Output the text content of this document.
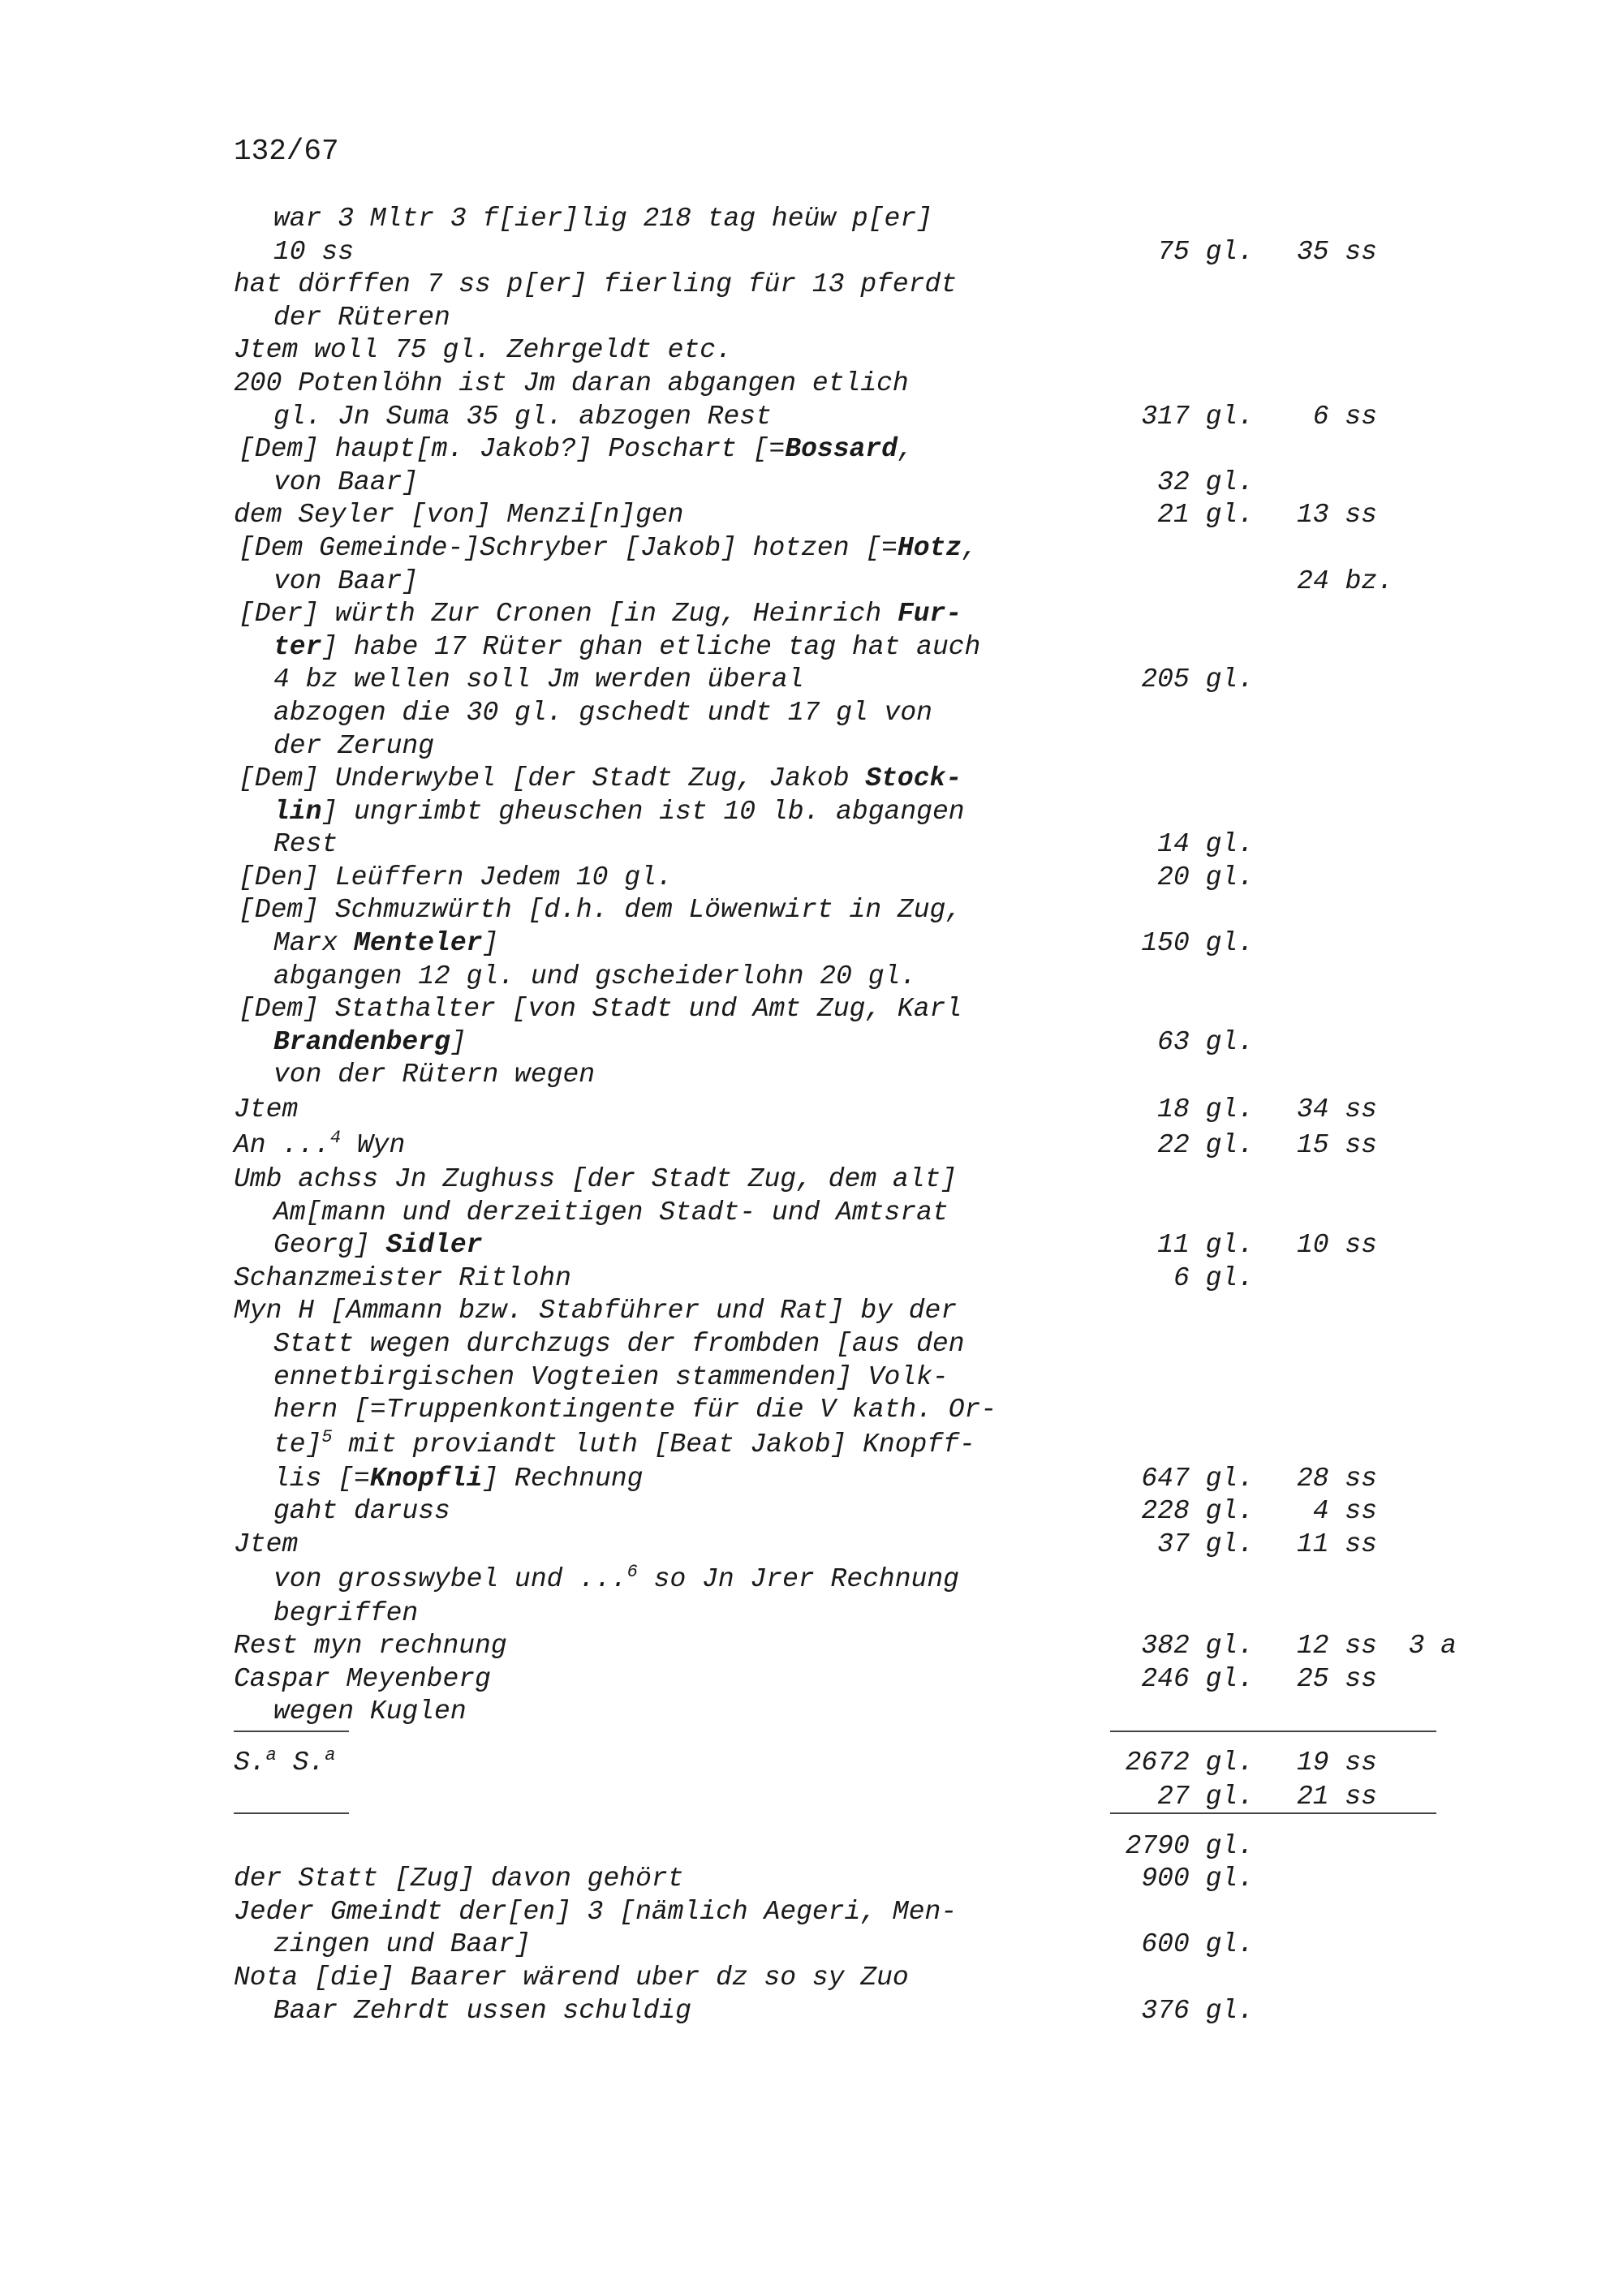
132/67
war 3 Mltr 3 f[ier]lig 218 tag heüw p[er]
10 ss	75 gl. 35 ss
hat dörffen 7 ss p[er] fierling für 13 pferdt
der Rüteren
Jtem woll 75 gl. Zehrgeldt etc.
200 Potenlöhn ist Jm daran abgangen etlich
gl. Jn Suma 35 gl. abzogen Rest	317 gl. 6 ss
[Dem] haupt[m. Jakob?] Poschart [=Bossard,
von Baar]	32 gl.
dem Seyler [von] Menzi[n]gen	21 gl. 13 ss
[Dem Gemeinde-]Schryber [Jakob] hotzen [=Hotz,
von Baar]	24 bz.
[Der] würth Zur Cronen [in Zug, Heinrich Fur-
ter] habe 17 Rüter ghan etliche tag hat auch
4 bz wellen soll Jm werden überal	205 gl.
abzogen die 30 gl. gschedt undt 17 gl von
der Zerung
[Dem] Underwybel [der Stadt Zug, Jakob Stock-
lin] ungrimbt gheuschen ist 10 lb. abgangen
Rest	14 gl.
[Den] Leüffern Jedem 10 gl.	20 gl.
[Dem] Schmuzwürth [d.h. dem Löwenwirt in Zug,
Marx Menteler]	150 gl.
abgangen 12 gl. und gscheiderlohn 20 gl.
[Dem] Stathalter [von Stadt und Amt Zug, Karl
Brandenberg]	63 gl.
von der Rütern wegen
Jtem	18 gl. 34 ss
An ...$^4$ Wyn	22 gl. 15 ss
Umb achss Jn Zughuss [der Stadt Zug, dem alt]
Am[mann und derzeitigen Stadt- und Amtsrat
Georg] Sidler	11 gl. 10 ss
Schanzmeister Ritlohn	6 gl.
Myn H [Ammann bzw. Stabführer und Rat] by der
Statt wegen durchzugs der frombden [aus den
ennetbirgischen Vogteien stammenden] Volk-
hern [=Truppenkontingente für die V kath. Or-
te]$^5$ mit proviandt luth [Beat Jakob] Knopff-
lis [=Knopfli] Rechnung	647 gl. 28 ss
gaht daruss	228 gl. 4 ss
Jtem	37 gl. 11 ss
von grosswybel und ...$^6$ so Jn Jrer Rechnung
begriffen
Rest myn rechnung	382 gl. 12 ss 3 a
Caspar Meyenberg	246 gl. 25 ss
wegen Kuglen
S.$^a$ S.$^a$	2672 gl. 19 ss
27 gl. 21 ss
2790 gl.
der Statt [Zug] davon gehört	900 gl.
Jeder Gmeindt der[en] 3 [nämlich Aegeri, Men-
zingen und Baar]	600 gl.
Nota [die] Baarer wärend uber dz so sy Zuo
Baar Zehrdt ussen schuldig	376 gl.
